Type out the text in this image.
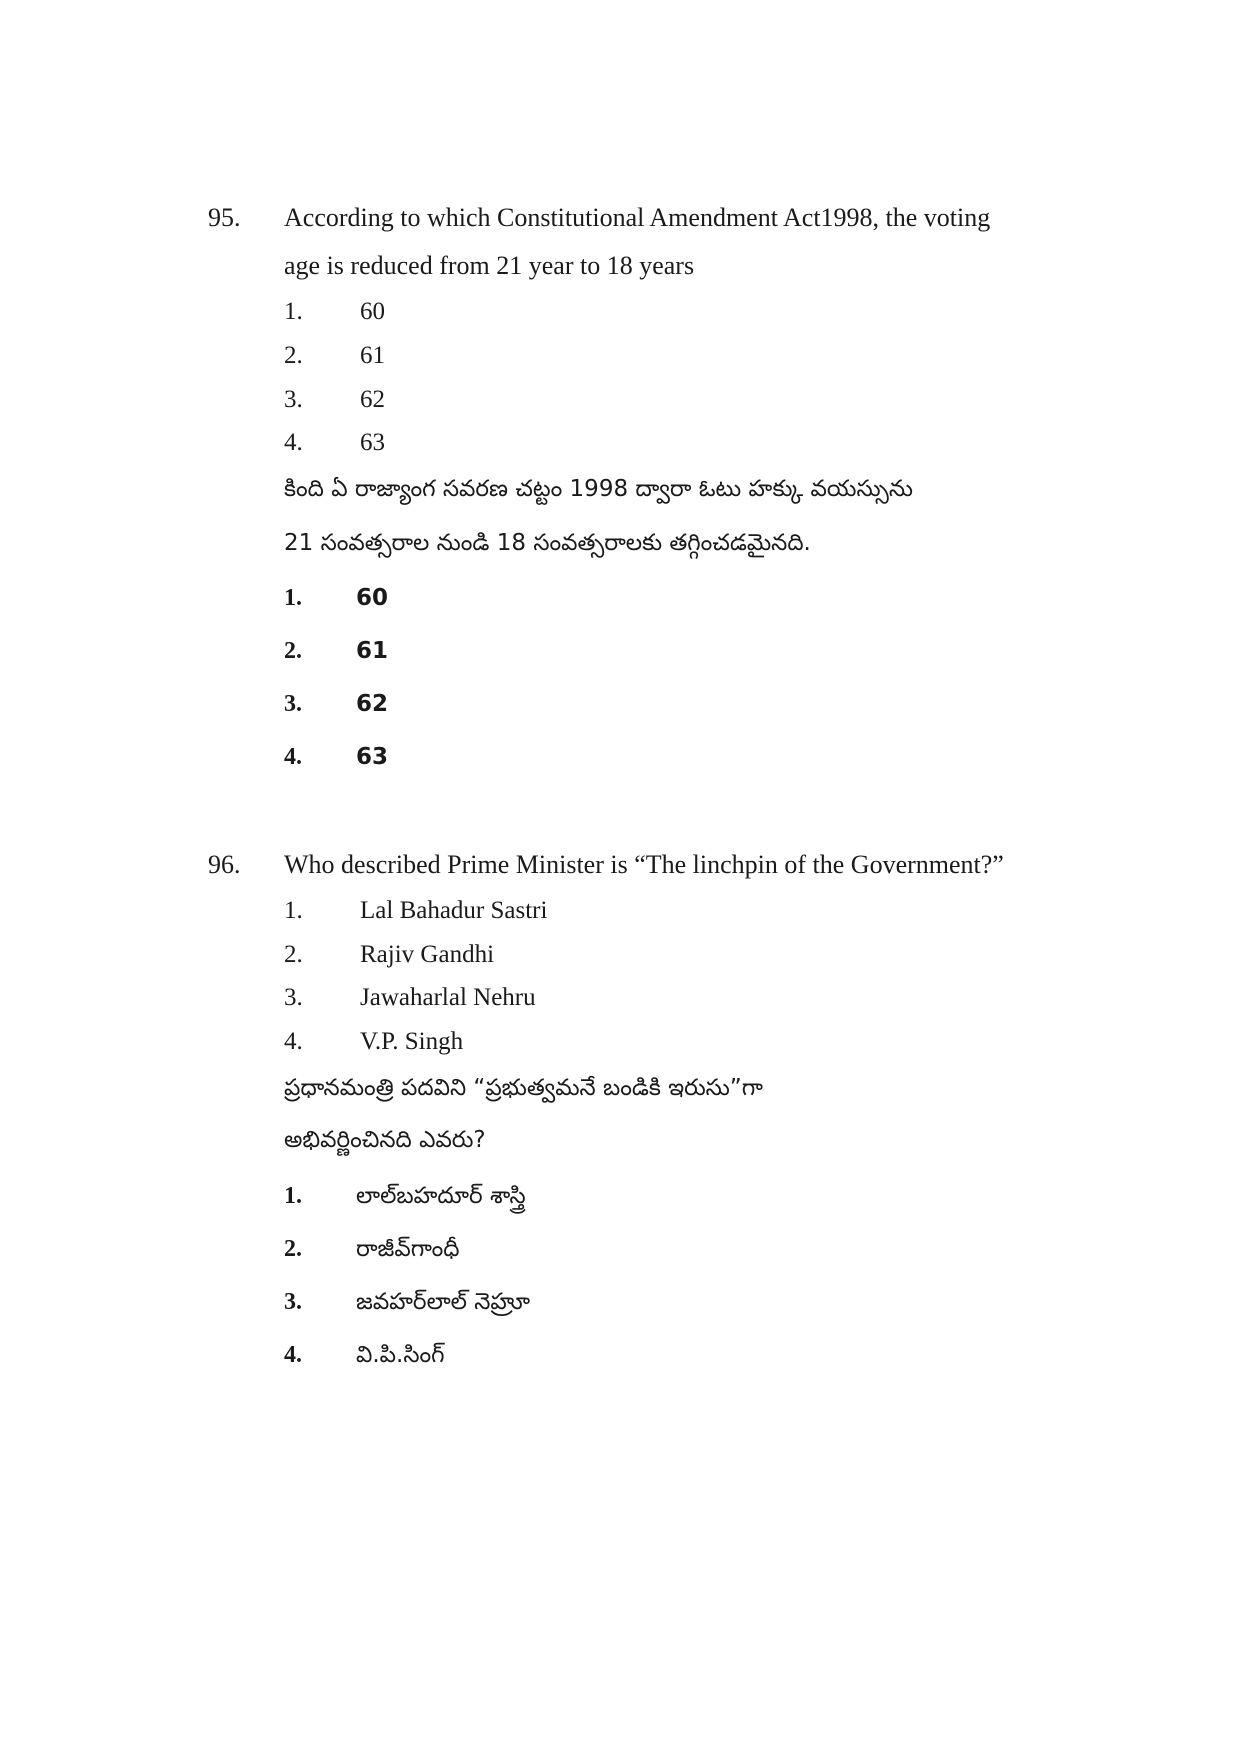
95. According to which Constitutional Amendment Act1998, the voting
age is reduced from 21 year to 18 years
1. 60
2. 61
3. 62
4. 63
కింది ఏ రాజ్యాంగ సవరణ చట్టం 1998 ద్వారా ఓటు హక్కు వయస్సును
21 సంవత్సరాల నుండి 18 సంవత్సరాలకు తగ్గించడమైనది.
1. 60
2. 61
3. 62
4. 63
96. Who described Prime Minister is “The linchpin of the Government?”
1. Lal Bahadur Sastri
2. Rajiv Gandhi
3. Jawaharlal Nehru
4. V.P. Singh
ప్రధానమంత్రి పదవిని “ప్రభుత్వమనే బండికి ఇరుసు”గా
అభివర్ణించినది ఎవరు?
1. లాల్‌బహదూర్ శాస్త్రి
2. రాజీవ్‌గాంధీ
3. జవహర్‌లాల్ నెహ్రూ
4. వి.పి.సింగ్
